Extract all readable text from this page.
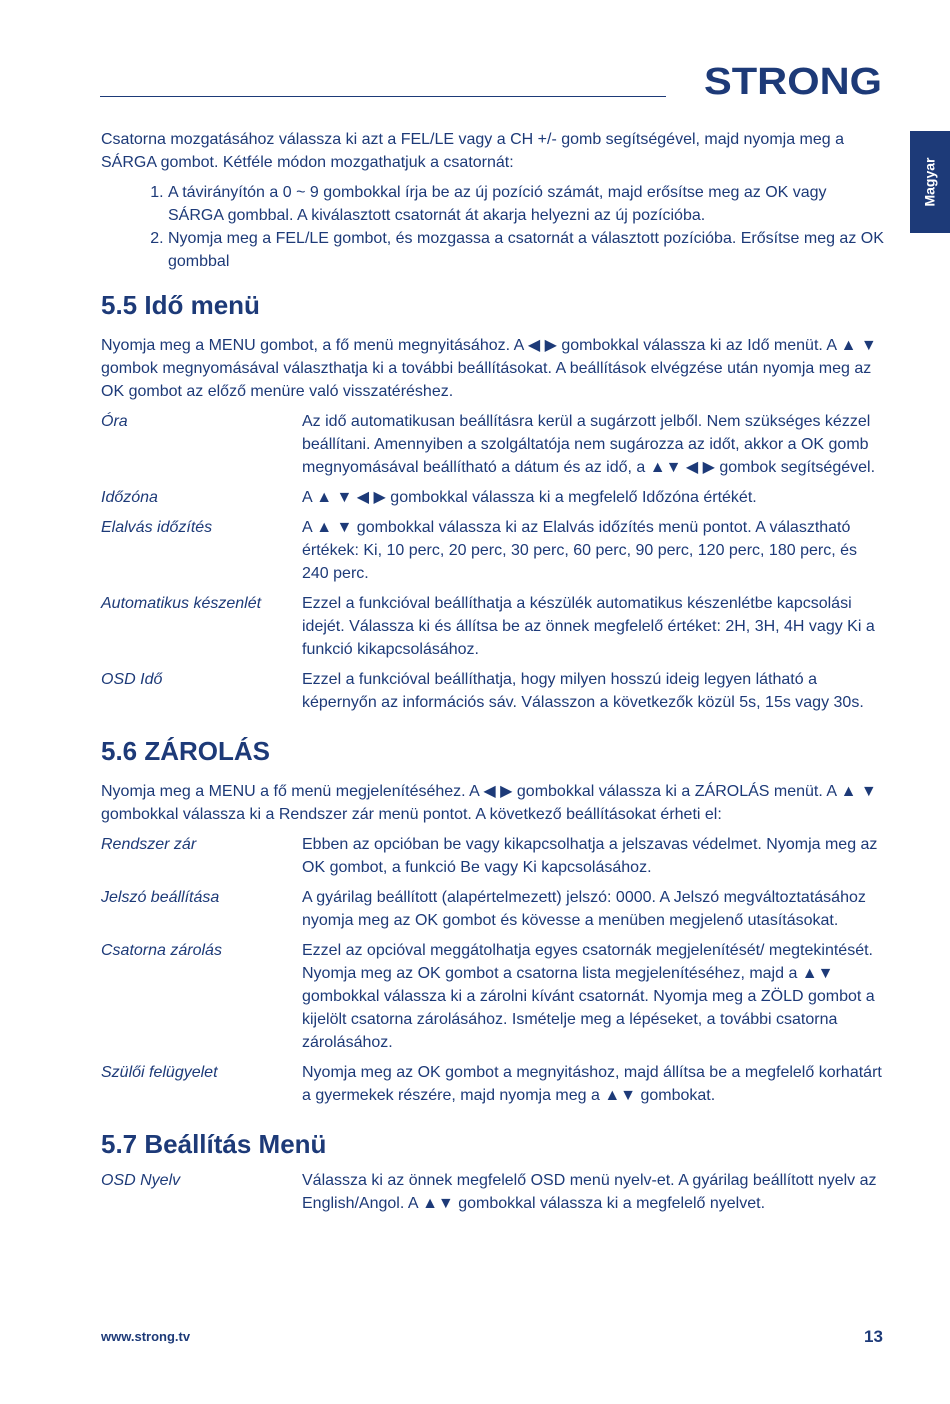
STRONG
Magyar

Csatorna mozgatásához válassza ki azt a FEL/LE vagy a CH +/- gomb segítségével, majd nyomja meg a SÁRGA gombot. Kétféle módon mozgathatjuk a csatornát:

1. A távirányítón a 0 ~ 9 gombokkal írja be az új pozíció számát, majd erősítse meg az OK vagy SÁRGA gombbal. A kiválasztott csatornát át akarja helyezni az új pozícióba.
2. Nyomja meg a FEL/LE gombot, és mozgassa a csatornát a választott pozícióba. Erősítse meg az OK gombbal
5.5 Idő menü

Nyomja meg a MENU gombot, a fő menü megnyitásához. A ◀ ▶ gombokkal válassza ki az Idő menüt. A ▲ ▼ gombok megnyomásával választhatja ki a további beállításokat. A beállítások elvégzése után nyomja meg az OK gombot az előző menüre való visszatéréshez.

Óra	Az idő automatikusan beállításra kerül a sugárzott jelből. Nem szükséges kézzel beállítani. Amennyiben a szolgáltatója nem sugározza az időt, akkor a OK gomb megnyomásával beállítható a dátum és az idő, a ▲▼ ◀ ▶ gombok segítségével.
Időzóna	A ▲ ▼ ◀ ▶ gombokkal válassza ki a megfelelő Időzóna értékét.
Elalvás időzítés	A ▲ ▼ gombokkal válassza ki az Elalvás időzítés menü pontot. A választható értékek: Ki, 10 perc, 20 perc, 30 perc, 60 perc, 90 perc, 120 perc, 180 perc, és 240 perc.
Automatikus készenlét	Ezzel a funkcióval beállíthatja a készülék automatikus készenlétbe kapcsolási idejét. Válassza ki és állítsa be az önnek megfelelő értéket: 2H, 3H, 4H vagy Ki a funkció kikapcsolásához.
OSD Idő	Ezzel a funkcióval beállíthatja, hogy milyen hosszú ideig legyen látható a képernyőn az információs sáv. Válasszon a következők közül 5s, 15s vagy 30s.
5.6 ZÁROLÁS

Nyomja meg a MENU a fő menü megjelenítéséhez. A ◀ ▶ gombokkal válassza ki a ZÁROLÁS menüt. A ▲ ▼ gombokkal válassza ki a Rendszer zár menü pontot. A következő beállításokat érheti el:

Rendszer zár	Ebben az opcióban be vagy kikapcsolhatja a jelszavas védelmet. Nyomja meg az OK gombot, a funkció Be vagy Ki kapcsolásához.
Jelszó beállítása	A gyárilag beállított (alapértelmezett) jelszó: 0000. A Jelszó megváltoztatásához nyomja meg az OK gombot és kövesse a menüben megjelenő utasításokat.
Csatorna zárolás	Ezzel az opcióval meggátolhatja egyes csatornák megjelenítését/ megtekintését. Nyomja meg az OK gombot a csatorna lista megjelenítéséhez, majd a ▲▼ gombokkal válassza ki a zárolni kívánt csatornát. Nyomja meg a ZÖLD gombot a kijelölt csatorna zárolásához. Ismételje meg a lépéseket, a további csatorna zárolásához.
Szülői felügyelet	Nyomja meg az OK gombot a megnyitáshoz, majd állítsa be a megfelelő korhatárt a gyermekek részére, majd nyomja meg a ▲▼ gombokat.
5.7 Beállítás Menü
OSD Nyelv	Válassza ki az önnek megfelelő OSD menü nyelv-et. A gyárilag beállított nyelv az English/Angol. A ▲▼ gombokkal válassza ki a megfelelő nyelvet.
www.strong.tv	13
